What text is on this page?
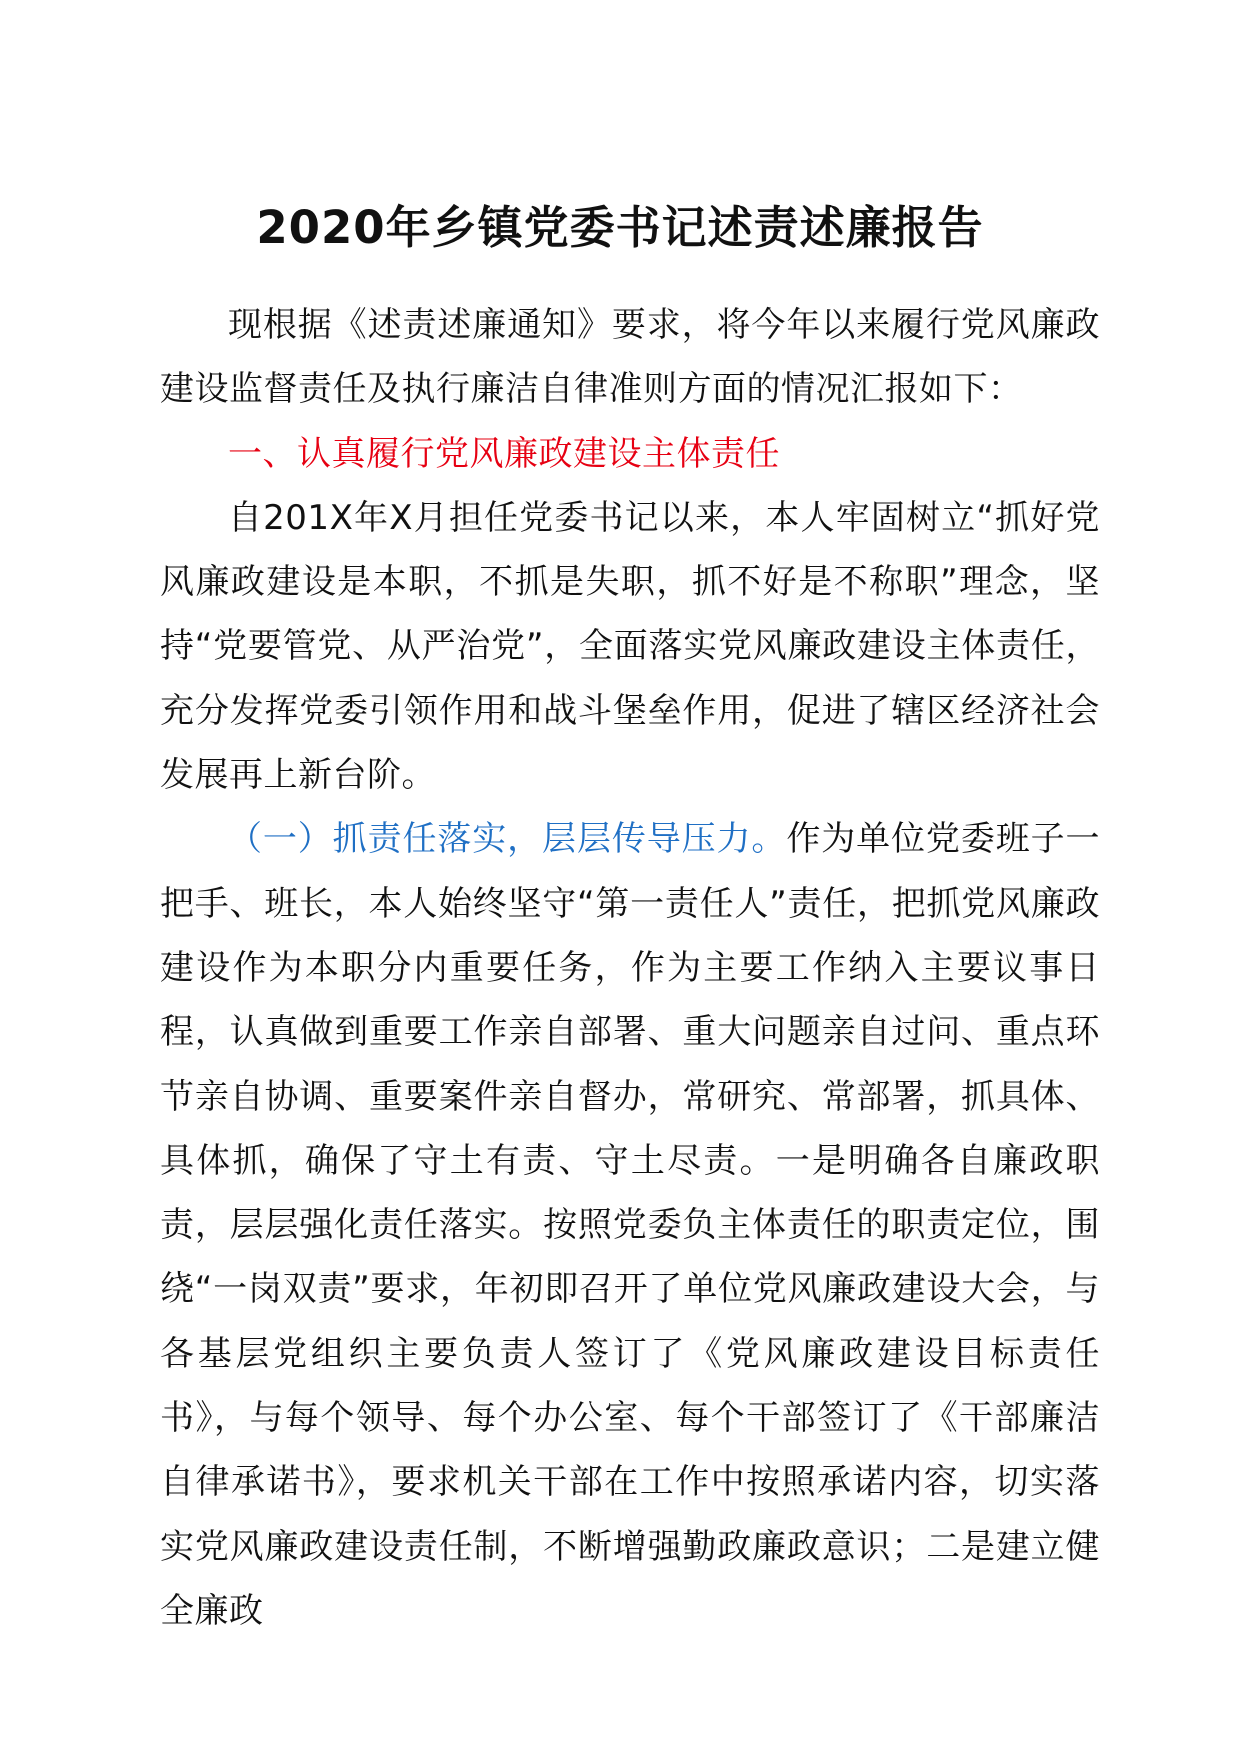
2020年乡镇党委书记述责述廉报告

现根据《述责述廉通知》要求，将今年以来履行党风廉政建设监督责任及执行廉洁自律准则方面的情况汇报如下：

一、认真履行党风廉政建设主体责任

自201X年X月担任党委书记以来，本人牢固树立“抓好党风廉政建设是本职，不抓是失职，抓不好是不称职”理念，坚持“党要管党、从严治党”，全面落实党风廉政建设主体责任，充分发挥党委引领作用和战斗堡垒作用，促进了辖区经济社会发展再上新台阶。

（一）抓责任落实，层层传导压力。作为单位党委班子一把手、班长，本人始终坚守“第一责任人”责任，把抓党风廉政建设作为本职分内重要任务，作为主要工作纳入主要议事日程，认真做到重要工作亲自部署、重大问题亲自过问、重点环节亲自协调、重要案件亲自督办，常研究、常部署，抓具体、具体抓，确保了守土有责、守土尽责。一是明确各自廉政职责，层层强化责任落实。按照党委负主体责任的职责定位，围绕“一岗双责”要求，年初即召开了单位党风廉政建设大会，与各基层党组织主要负责人签订了《党风廉政建设目标责任书》，与每个领导、每个办公室、每个干部签订了《干部廉洁自律承诺书》，要求机关干部在工作中按照承诺内容，切实落实党风廉政建设责任制，不断增强勤政廉政意识；二是建立健全廉政
